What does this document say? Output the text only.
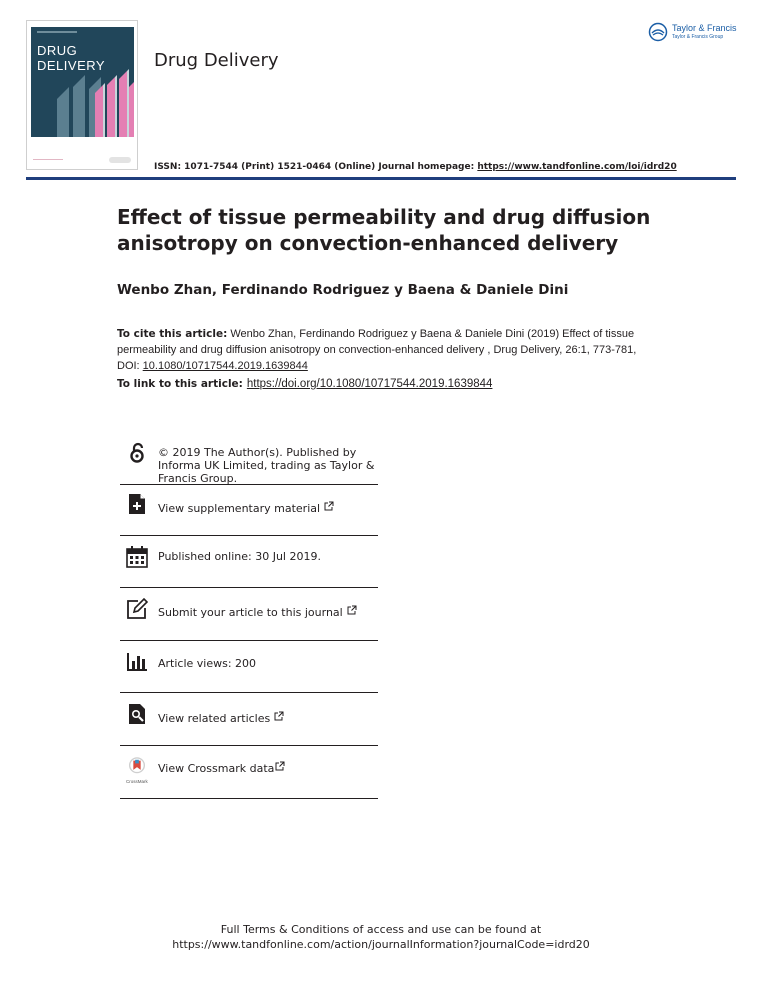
DRUG
DELIVERY	Drug Delivery
Taylor & Francis
Taylor & Francis Group
ISSN: 1071-7544 (Print) 1521-0464 (Online) Journal homepage: https://www.tandfonline.com/loi/idrd20
Effect of tissue permeability and drug diffusion anisotropy on convection-enhanced delivery
Wenbo Zhan, Ferdinando Rodriguez y Baena & Daniele Dini
To cite this article: Wenbo Zhan, Ferdinando Rodriguez y Baena & Daniele Dini (2019) Effect of tissue permeability and drug diffusion anisotropy on convection-enhanced delivery , Drug Delivery, 26:1, 773-781, DOI: 10.1080/10717544.2019.1639844
To link to this article: https://doi.org/10.1080/10717544.2019.1639844
© 2019 The Author(s). Published by Informa UK Limited, trading as Taylor & Francis Group.
View supplementary material
Published online: 30 Jul 2019.
Submit your article to this journal
Article views: 200
View related articles
CrossMark
View Crossmark data
Full Terms & Conditions of access and use can be found at
https://www.tandfonline.com/action/journalInformation?journalCode=idrd20
